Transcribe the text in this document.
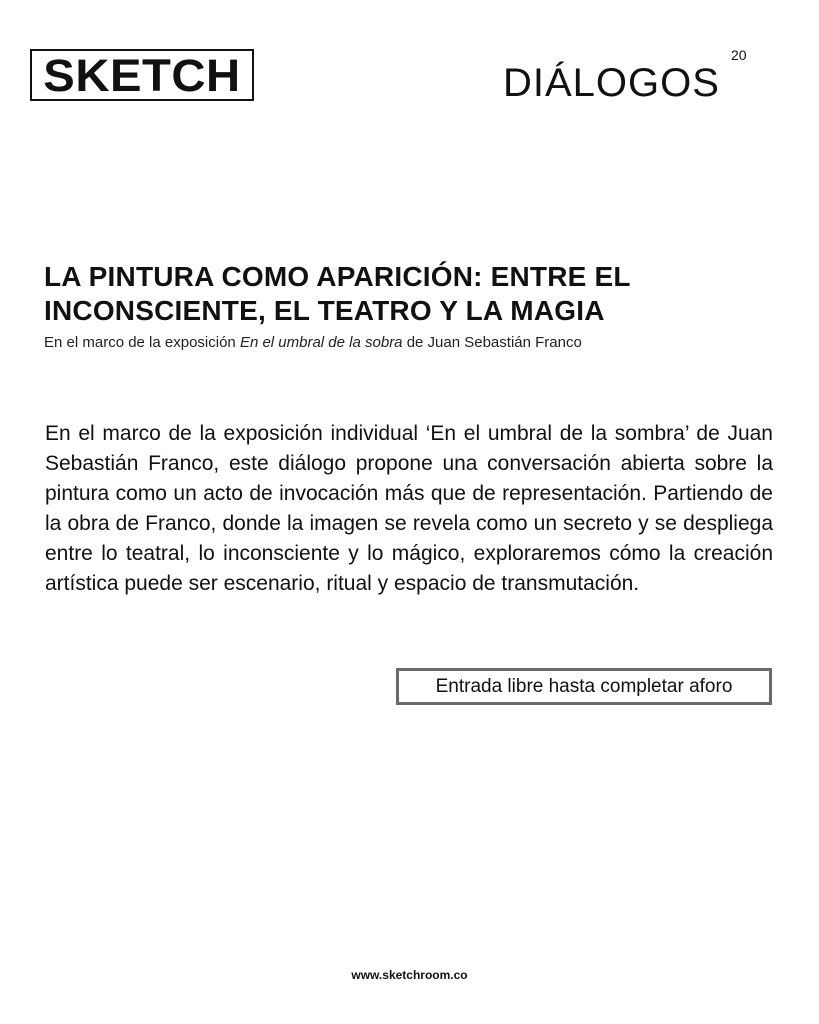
SKETCH	DIÁLOGOS
20
LA PINTURA COMO APARICIÓN: ENTRE EL INCONSCIENTE, EL TEATRO Y LA MAGIA
En el marco de la exposición En el umbral de la sobra de Juan Sebastián Franco

En el marco de la exposición individual ‘En el umbral de la sombra’ de Juan Sebastián Franco, este diálogo propone una conversación abierta sobre la pintura como un acto de invocación más que de representación. Partiendo de la obra de Franco, donde la imagen se revela como un secreto y se despliega entre lo teatral, lo inconsciente y lo mágico, exploraremos cómo la creación artística puede ser escenario, ritual y espacio de transmutación.

Entrada libre hasta completar aforo
www.sketchroom.co
